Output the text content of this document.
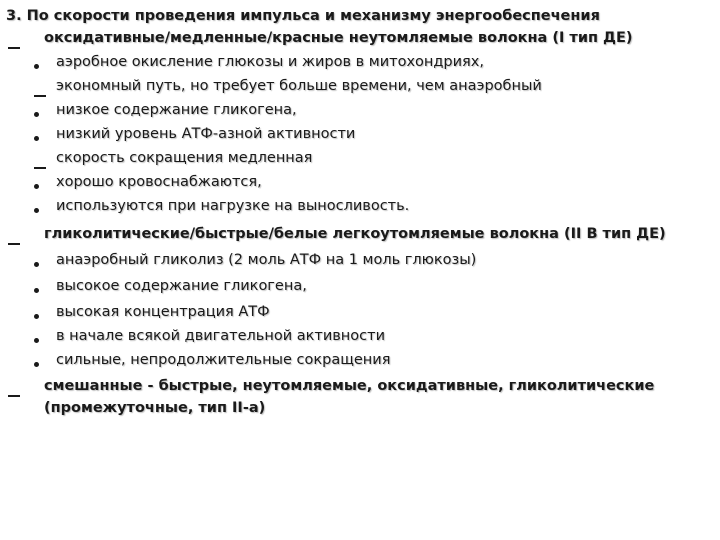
3. По скорости проведения импульса и механизму энергообеспечения
оксидативные/медленные/красные неутомляемые волокна (I тип ДЕ)
аэробное окисление глюкозы и жиров в митохондриях,
экономный путь, но требует больше времени, чем анаэробный
низкое содержание гликогена,
низкий уровень АТФ-азной активности
скорость сокращения медленная
хорошо кровоснабжаются,
используются при нагрузке на выносливость.
гликолитические/быстрые/белые легкоутомляемые волокна (II B тип ДЕ)
анаэробный гликолиз (2 моль АТФ на 1 моль глюкозы)
высокое содержание гликогена,
высокая концентрация АТФ
в начале всякой двигательной активности
сильные, непродолжительные сокращения
смешанные - быстрые, неутомляемые, оксидативные, гликолитические
(промежуточные, тип II-а)
